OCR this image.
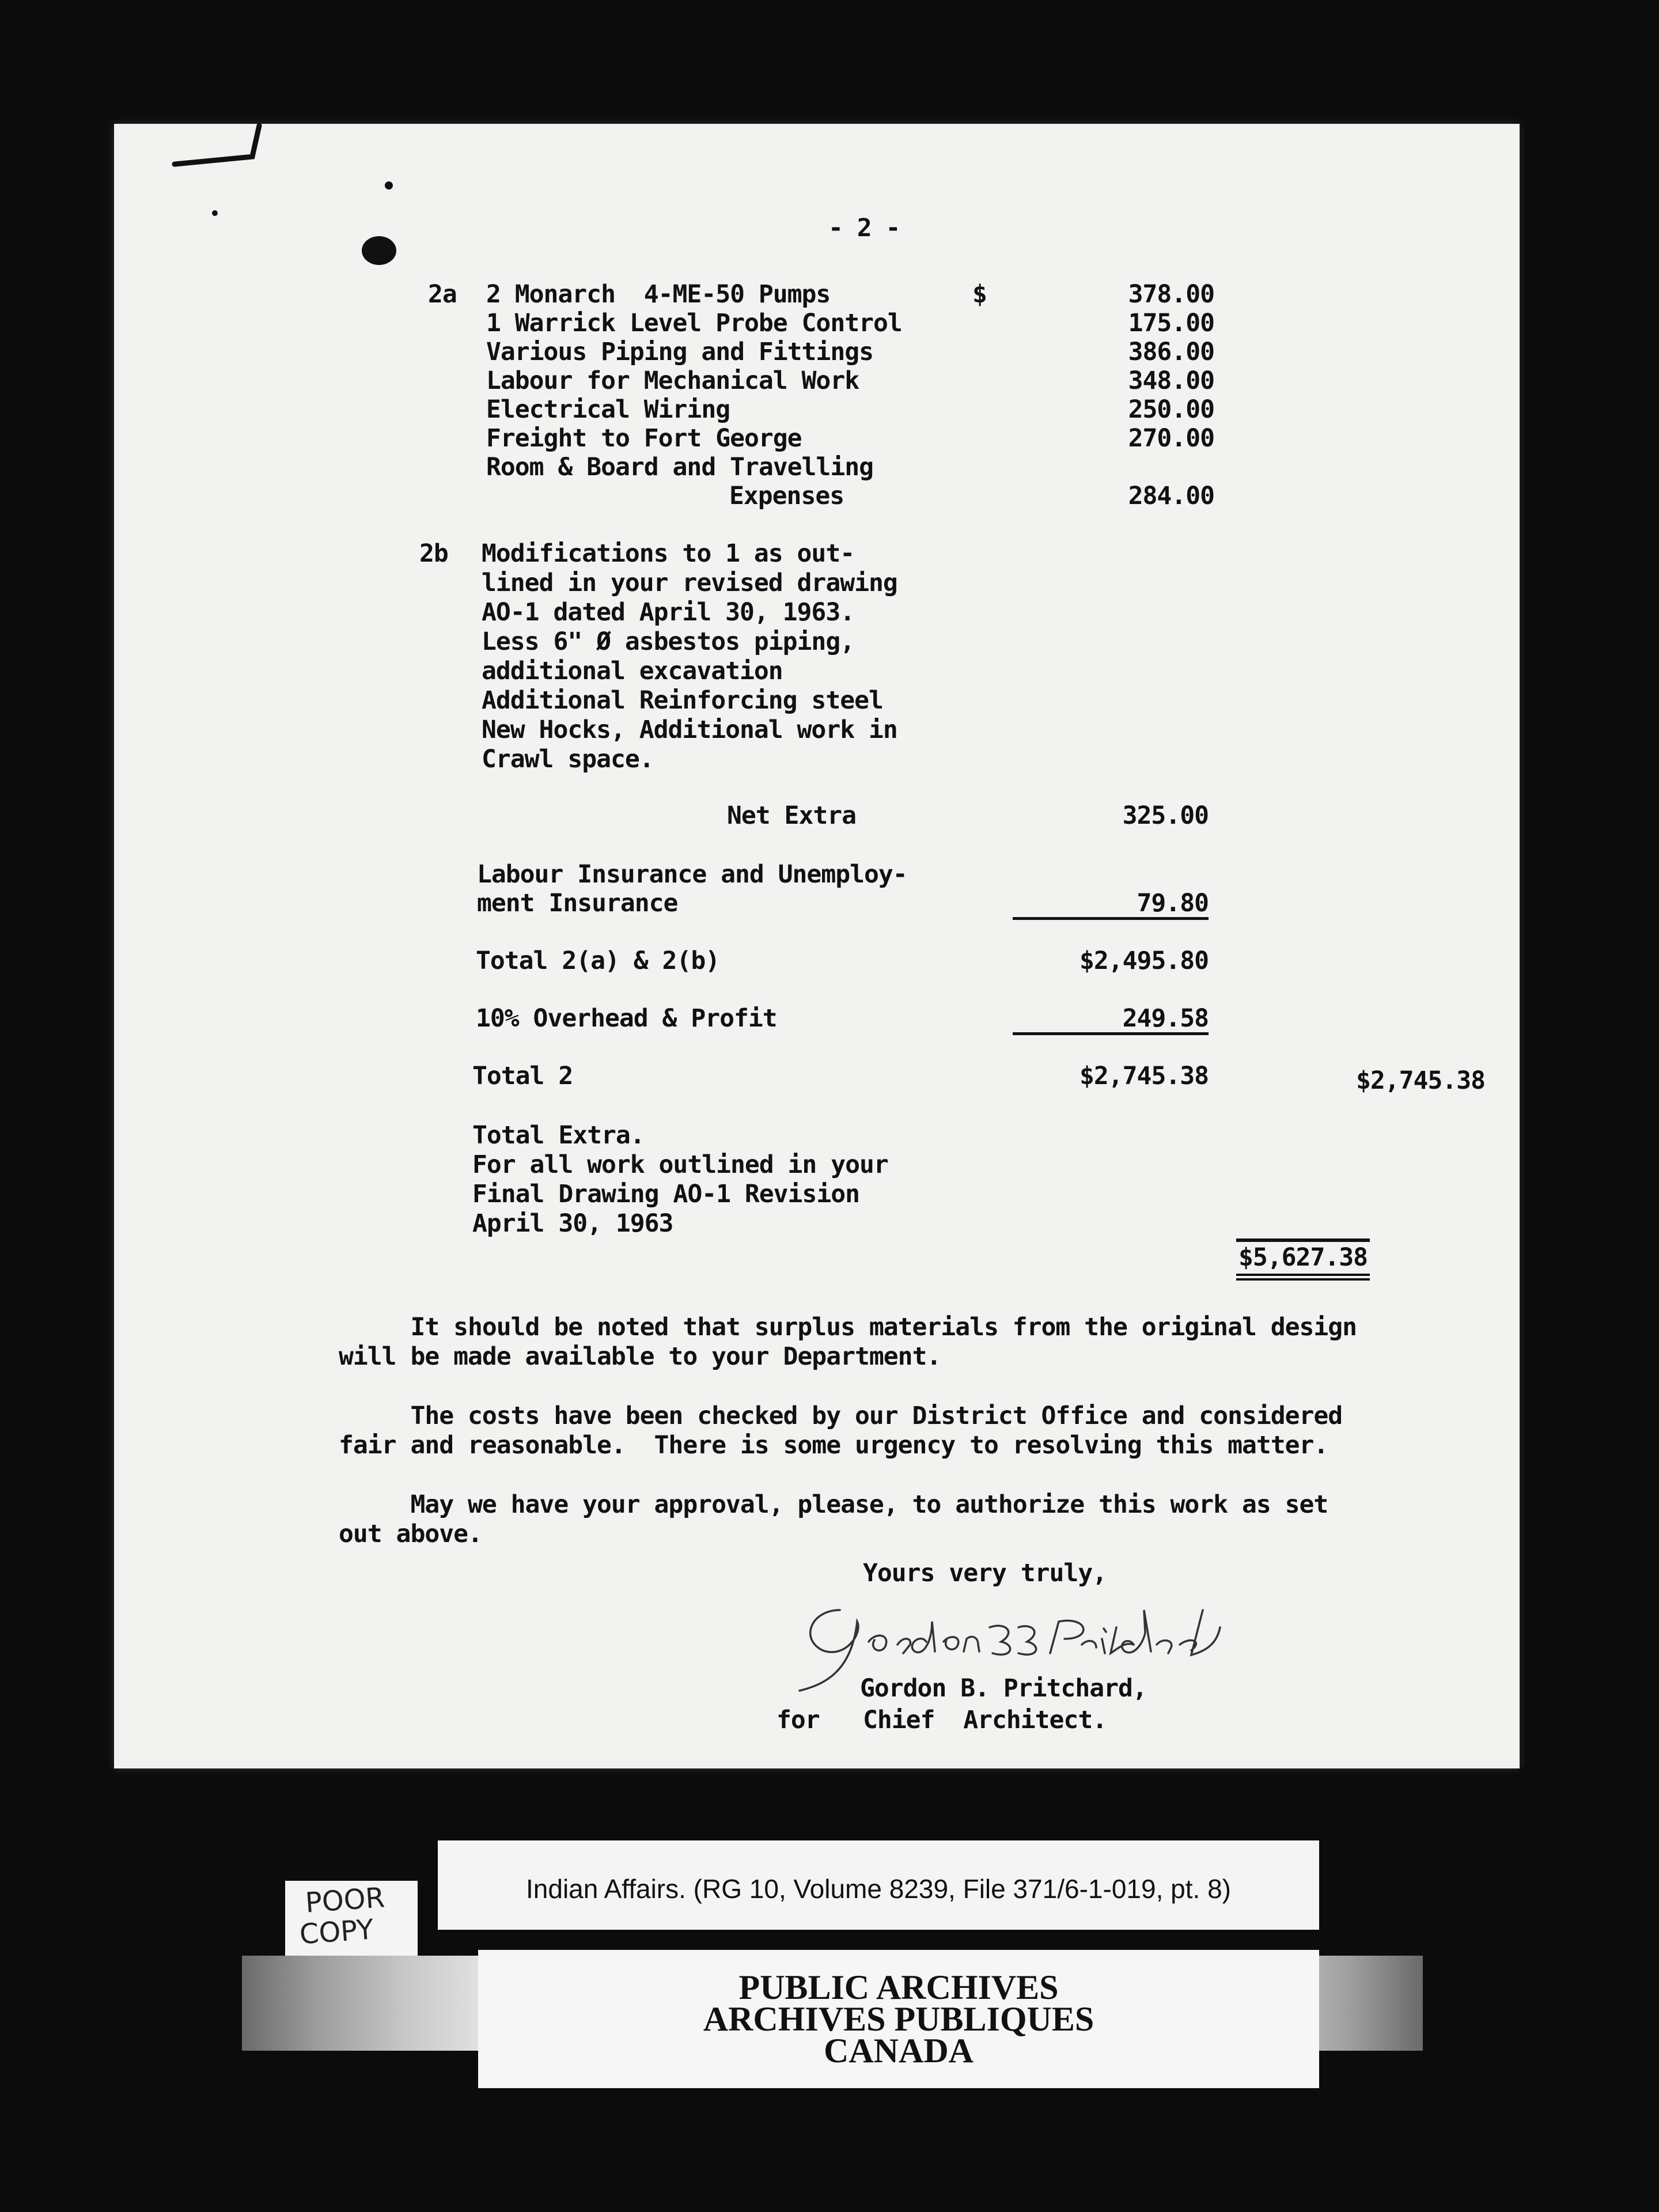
- 2 -
2a 2 Monarch  4-ME-50 Pumps	$	378.00
1 Warrick Level Probe Control	175.00
Various Piping and Fittings	386.00
Labour for Mechanical Work	348.00
Electrical Wiring	250.00
Freight to Fort George	270.00
Room & Board and Travelling
Expenses	284.00
2b Modifications to 1 as out-
lined in your revised drawing
AO-1 dated April 30, 1963.
Less 6" Ø asbestos piping,
additional excavation
Additional Reinforcing steel
New Hocks, Additional work in
Crawl space.
Net Extra	325.00
Labour Insurance and Unemploy-
ment Insurance	79.80
Total 2(a) & 2(b)	$2,495.80
10% Overhead & Profit	249.58
Total 2	$2,745.38	$2,745.38
Total Extra.
For all work outlined in your
Final Drawing AO-1 Revision
April 30, 1963
$5,627.38
It should be noted that surplus materials from the original design
will be made available to your Department.
The costs have been checked by our District Office and considered
fair and reasonable.  There is some urgency to resolving this matter.
May we have your approval, please, to authorize this work as set
out above.
Yours very truly,
Gordon B. Pritchard,
for Chief  Architect.
Indian Affairs. (RG 10, Volume 8239, File 371/6-1-019, pt. 8)
PUBLIC ARCHIVES
ARCHIVES PUBLIQUES
CANADA
POOR
COPY
